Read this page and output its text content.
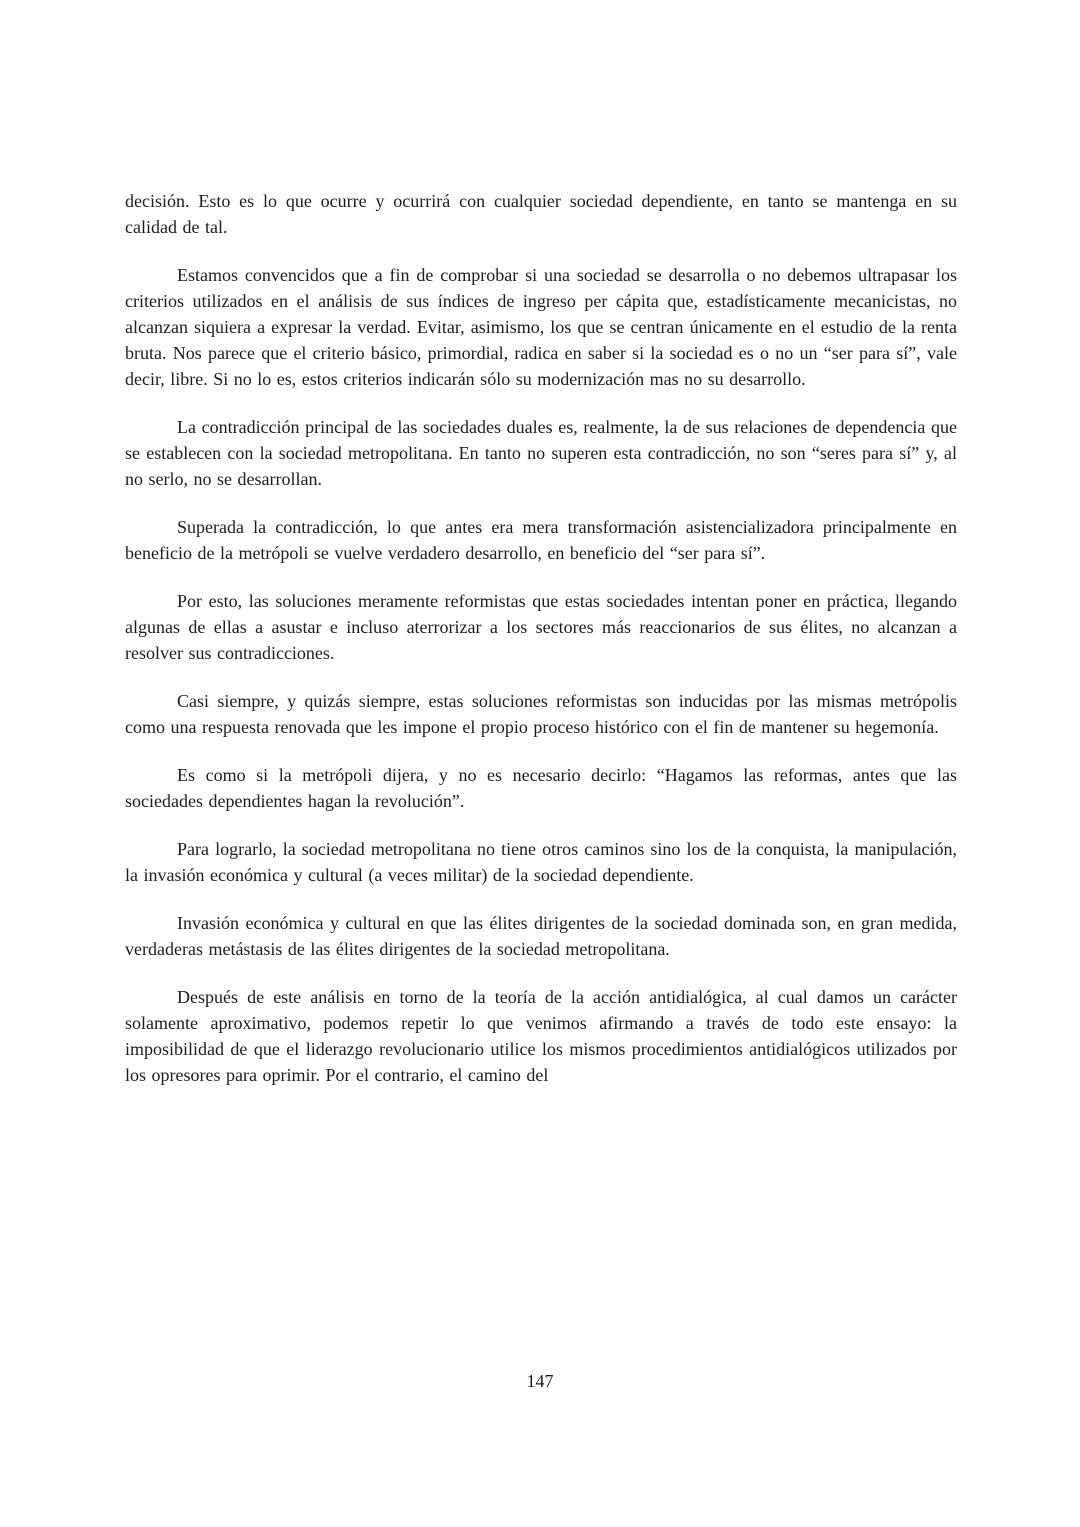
decisión. Esto es lo que ocurre y ocurrirá con cualquier sociedad dependiente, en tanto se mantenga en su calidad de tal.

Estamos convencidos que a fin de comprobar si una sociedad se desarrolla o no debemos ultrapasar los criterios utilizados en el análisis de sus índices de ingreso per cápita que, estadísticamente mecanicistas, no alcanzan siquiera a expresar la verdad. Evitar, asimismo, los que se centran únicamente en el estudio de la renta bruta. Nos parece que el criterio básico, primordial, radica en saber si la sociedad es o no un “ser para sí”, vale decir, libre. Si no lo es, estos criterios indicarán sólo su modernización mas no su desarrollo.

La contradicción principal de las sociedades duales es, realmente, la de sus relaciones de dependencia que se establecen con la sociedad metropolitana. En tanto no superen esta contradicción, no son “seres para sí” y, al no serlo, no se desarrollan.

Superada la contradicción, lo que antes era mera transformación asistencializadora principalmente en beneficio de la metrópoli se vuelve verdadero desarrollo, en beneficio del “ser para sí”.

Por esto, las soluciones meramente reformistas que estas sociedades intentan poner en práctica, llegando algunas de ellas a asustar e incluso aterrorizar a los sectores más reaccionarios de sus élites, no alcanzan a resolver sus contradicciones.

Casi siempre, y quizás siempre, estas soluciones reformistas son inducidas por las mismas metrópolis como una respuesta renovada que les impone el propio proceso histórico con el fin de mantener su hegemonía.

Es como si la metrópoli dijera, y no es necesario decirlo: “Hagamos las reformas, antes que las sociedades dependientes hagan la revolución”.

Para lograrlo, la sociedad metropolitana no tiene otros caminos sino los de la conquista, la manipulación, la invasión económica y cultural (a veces militar) de la sociedad dependiente.

Invasión económica y cultural en que las élites dirigentes de la sociedad dominada son, en gran medida, verdaderas metástasis de las élites dirigentes de la sociedad metropolitana.

Después de este análisis en torno de la teoría de la acción antidialógica, al cual damos un carácter solamente aproximativo, podemos repetir lo que venimos afirmando a través de todo este ensayo: la imposibilidad de que el liderazgo revolucionario utilice los mismos procedimientos antidialógicos utilizados por los opresores para oprimir. Por el contrario, el camino del

147
